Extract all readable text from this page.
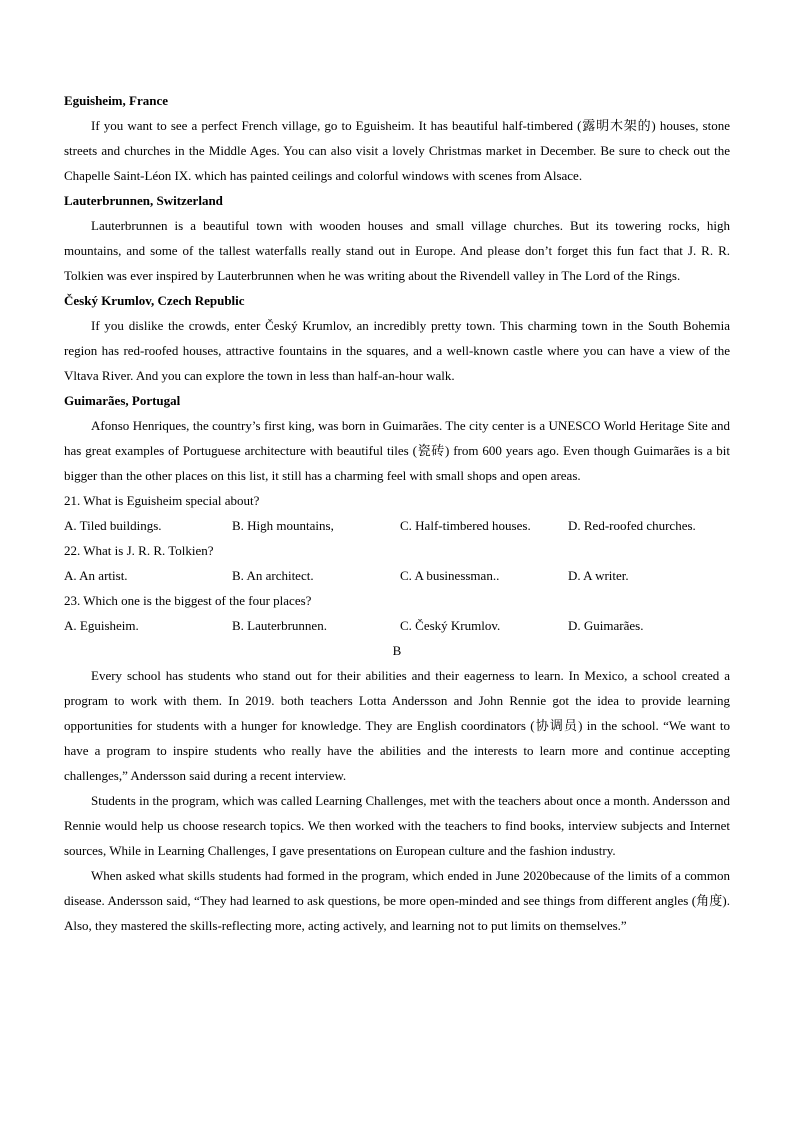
Eguisheim, France

If you want to see a perfect French village, go to Eguisheim. It has beautiful half-timbered (露明木架的) houses, stone streets and churches in the Middle Ages. You can also visit a lovely Christmas market in December. Be sure to check out the Chapelle Saint-Léon IX. which has painted ceilings and colorful windows with scenes from Alsace.

Lauterbrunnen, Switzerland

Lauterbrunnen is a beautiful town with wooden houses and small village churches. But its towering rocks, high mountains, and some of the tallest waterfalls really stand out in Europe. And please don’t forget this fun fact that J. R. R. Tolkien was ever inspired by Lauterbrunnen when he was writing about the Rivendell valley in The Lord of the Rings.

Český Krumlov, Czech Republic

If you dislike the crowds, enter Český Krumlov, an incredibly pretty town. This charming town in the South Bohemia region has red-roofed houses, attractive fountains in the squares, and a well-known castle where you can have a view of the Vltava River. And you can explore the town in less than half-an-hour walk.

Guimarães, Portugal

Afonso Henriques, the country’s first king, was born in Guimarães. The city center is a UNESCO World Heritage Site and has great examples of Portuguese architecture with beautiful tiles (瓷砖) from 600 years ago. Even though Guimarães is a bit bigger than the other places on this list, it still has a charming feel with small shops and open areas.

21. What is Eguisheim special about?
A. Tiled buildings.	B. High mountains,	C. Half-timbered houses.	D. Red-roofed churches.
22. What is J. R. R. Tolkien?
A. An artist.	B. An architect.	C. A businessman..	D. A writer.
23. Which one is the biggest of the four places?
A. Eguisheim.	B. Lauterbrunnen.	C. Český Krumlov.	D. Guimarães.
B

Every school has students who stand out for their abilities and their eagerness to learn. In Mexico, a school created a program to work with them. In 2019. both teachers Lotta Andersson and John Rennie got the idea to provide learning opportunities for students with a hunger for knowledge. They are English coordinators (协调员) in the school. “We want to have a program to inspire students who really have the abilities and the interests to learn more and continue accepting challenges,” Andersson said during a recent interview.

Students in the program, which was called Learning Challenges, met with the teachers about once a month. Andersson and Rennie would help us choose research topics. We then worked with the teachers to find books, interview subjects and Internet sources, While in Learning Challenges, I gave presentations on European culture and the fashion industry.

When asked what skills students had formed in the program, which ended in June 2020because of the limits of a common disease. Andersson said, “They had learned to ask questions, be more open-minded and see things from different angles (角度). Also, they mastered the skills-reflecting more, acting actively, and learning not to put limits on themselves.”
